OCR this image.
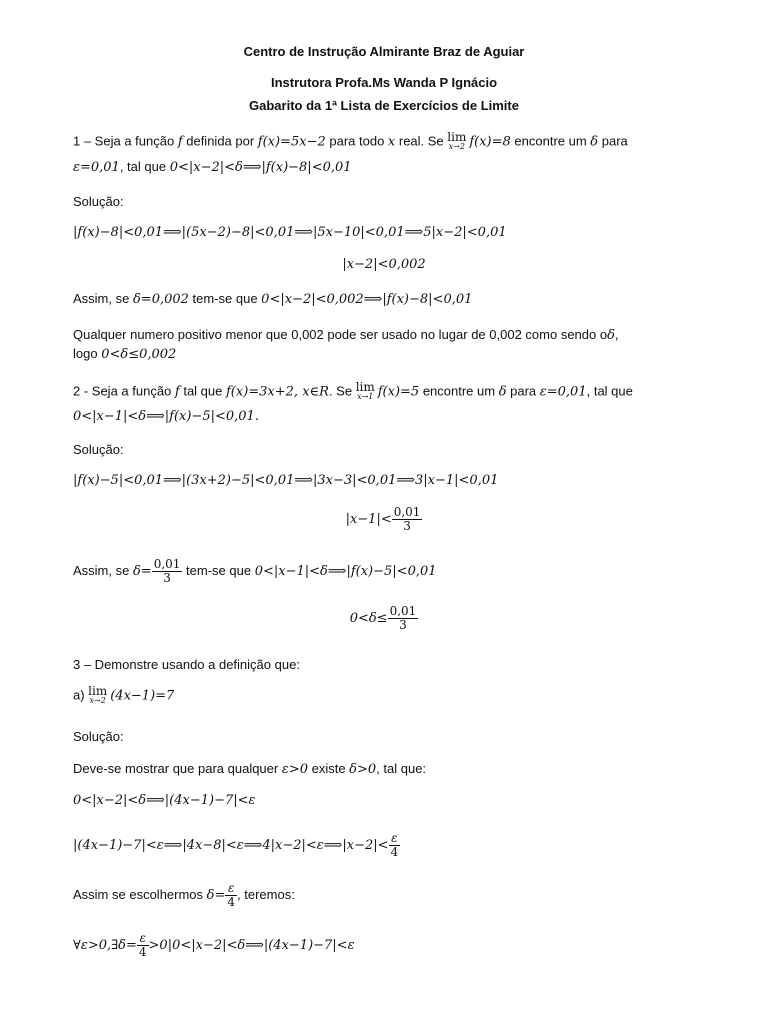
Centro de Instrução Almirante Braz de Aguiar
Instrutora Profa.Ms Wanda P Ignácio
Gabarito da 1ª Lista de Exercícios de Limite
1 – Seja a função f definida por f(x)=5x−2 para todo x real. Se lim
x→2 f(x)=8 encontre um δ para
ε=0,01, tal que 0<|x−2|<δ⟹|f(x)−8|<0,01
Solução:
|f(x)−8|<0,01⟹|(5x−2)−8|<0,01⟹|5x−10|<0,01⟹5|x−2|<0,01
|x−2|<0,002
Assim, se δ=0,002 tem-se que 0<|x−2|<0,002⟹|f(x)−8|<0,01
Qualquer numero positivo menor que 0,002 pode ser usado no lugar de 0,002 como sendo oδ,
logo 0<δ≤0,002
2 - Seja a função f tal que f(x)=3x+2, x∈R. Se lim
x→1 f(x)=5 encontre um δ para ε=0,01, tal que
0<|x−1|<δ⟹|f(x)−5|<0,01.
Solução:
|f(x)−5|<0,01⟹|(3x+2)−5|<0,01⟹|3x−3|<0,01⟹3|x−1|<0,01
$|x-1|< \frac{0,01}{3}$
Assim, se $\delta= \frac{0,01}{3} tem-se$ que 0<|x−1|<δ⟹|f(x)−5|<0,01
$0<\delta\le \frac{0,01}{3}$
3 – Demonstre usando a definição que:
a) lim
x→2 (4x−1)=7
Solução:
Deve-se mostrar que para qualquer ε>0 existe δ>0, tal que:
0<|x−2|<δ⟹|(4x−1)−7|<ε
|(4x−1)−7|<ε⟹|4x−8|<ε⟹4|x−2|<ε⟹|x−2|< $\frac{\varepsilon}{4}$
Assim se escolhermos $\delta= \frac{\varepsilon}{4}$ , teremos:
∀ε>0,∃δ= $\frac{\varepsilon}{4}$ >0|0<|x−2|<δ⟹|(4x−1)−7|<ε
